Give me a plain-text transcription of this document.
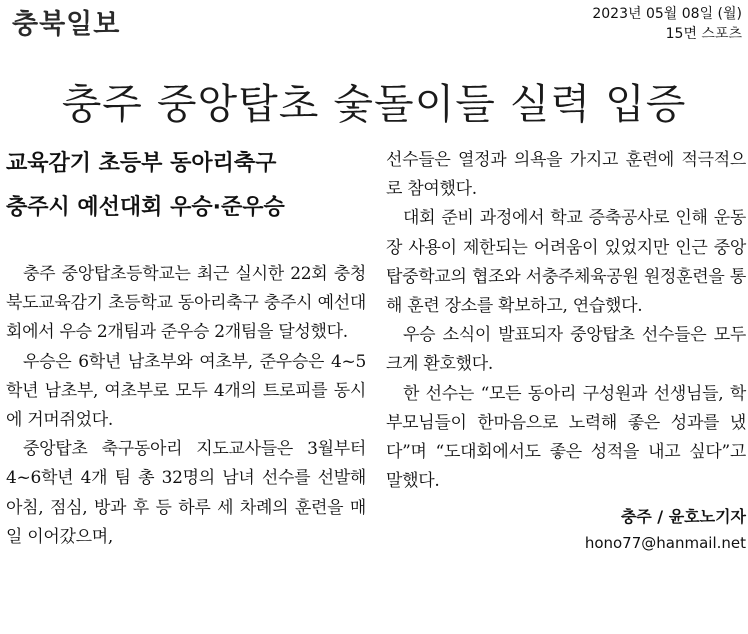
충북일보	2023년 05월 08일 (월)
15면 스포츠
충주 중앙탑초 숯돌이들 실력 입증

교육감기 초등부 동아리축구

충주시 예선대회 우승·준우승

충주 중앙탑초등학교는 최근 실시한 22회 충청북도교육감기 초등학교 동아리축구 충주시 예선대회에서 우승 2개팀과 준우승 2개팀을 달성했다.

우승은 6학년 남초부와 여초부, 준우승은 4~5학년 남초부, 여초부로 모두 4개의 트로피를 동시에 거머쥐었다.

중앙탑초 축구동아리 지도교사들은 3월부터 4~6학년 4개 팀 총 32명의 남녀 선수를 선발해 아침, 점심, 방과 후 등 하루 세 차례의 훈련을 매일 이어갔으며,

선수들은 열정과 의욕을 가지고 훈련에 적극적으로 참여했다.

대회 준비 과정에서 학교 증축공사로 인해 운동장 사용이 제한되는 어려움이 있었지만 인근 중앙탑중학교의 협조와 서충주체육공원 원정훈련을 통해 훈련 장소를 확보하고, 연습했다.

우승 소식이 발표되자 중앙탑초 선수들은 모두 크게 환호했다.

한 선수는 “모든 동아리 구성원과 선생님들, 학부모님들이 한마음으로 노력해 좋은 성과를 냈다”며 “도대회에서도 좋은 성적을 내고 싶다”고 말했다.

충주 / 윤호노기자
hono77@hanmail.net
